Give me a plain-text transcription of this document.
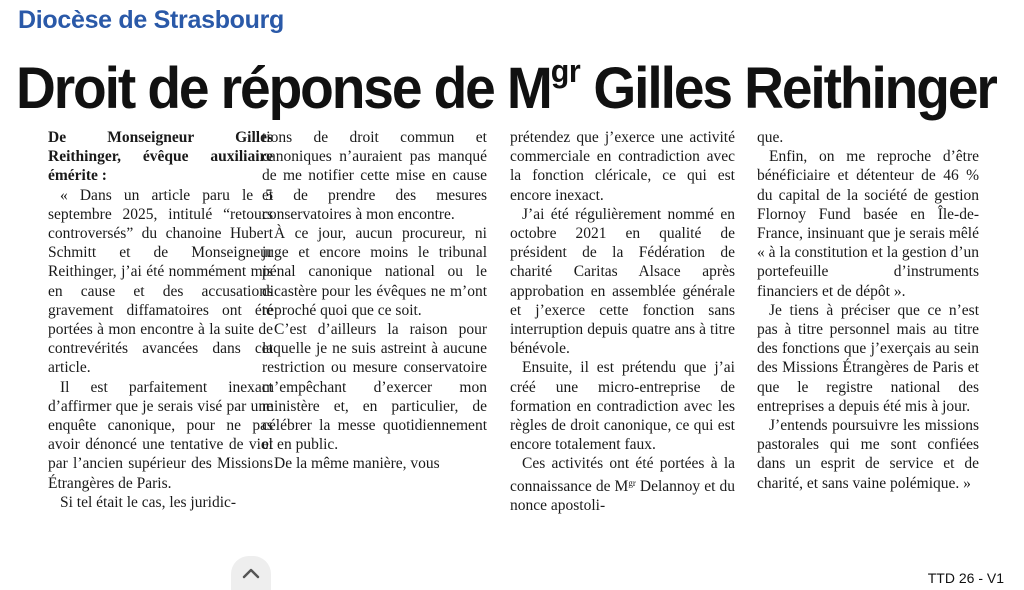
Diocèse de Strasbourg
Droit de réponse de $M^{gr}$ Gilles Reithinger

De Monseigneur Gilles Reithinger, évêque auxiliaire émérite :

« Dans un article paru le 5 septembre 2025, intitulé “retours controversés” du chanoine Hubert Schmitt et de Monseigneur Reithinger, j’ai été nommément mis en cause et des accusations gravement diffamatoires ont été portées à mon encontre à la suite de contrevérités avancées dans cet article.

Il est parfaitement inexact d’affirmer que je serais visé par une enquête canonique, pour ne pas avoir dénoncé une tentative de viol par l’ancien supérieur des Missions Étrangères de Paris.

Si tel était le cas, les juridic-

tions de droit commun et canoniques n’auraient pas manqué de me notifier cette mise en cause et de prendre des mesures conservatoires à mon encontre.

À ce jour, aucun procureur, ni juge et encore moins le tribunal pénal canonique national ou le dicastère pour les évêques ne m’ont reproché quoi que ce soit.

C’est d’ailleurs la raison pour laquelle je ne suis astreint à aucune restriction ou mesure conservatoire m’empêchant d’exercer mon ministère et, en particulier, de célébrer la messe quotidiennement et en public.

De la même manière, vous

prétendez que j’exerce une activité commerciale en contradiction avec la fonction cléricale, ce qui est encore inexact.

J’ai été régulièrement nommé en octobre 2021 en qualité de président de la Fédération de charité Caritas Alsace après approbation en assemblée générale et j’exerce cette fonction sans interruption depuis quatre ans à titre bénévole.

Ensuite, il est prétendu que j’ai créé une micro-entreprise de formation en contradiction avec les règles de droit canonique, ce qui est encore totalement faux.

Ces activités ont été portées à la connaissance de $M^{gr}$ Delannoy et du nonce apostoli-

que.

Enfin, on me reproche d’être bénéficiaire et détenteur de 46 % du capital de la société de gestion Flornoy Fund basée en Île-de-France, insinuant que je serais mêlé « à la constitution et la gestion d’un portefeuille d’instruments financiers et de dépôt ».

Je tiens à préciser que ce n’est pas à titre personnel mais au titre des fonctions que j’exerçais au sein des Missions Étrangères de Paris et que le registre national des entreprises a depuis été mis à jour.

J’entends poursuivre les missions pastorales qui me sont confiées dans un esprit de service et de charité, et sans vaine polémique. »

TTD 26 - V1
